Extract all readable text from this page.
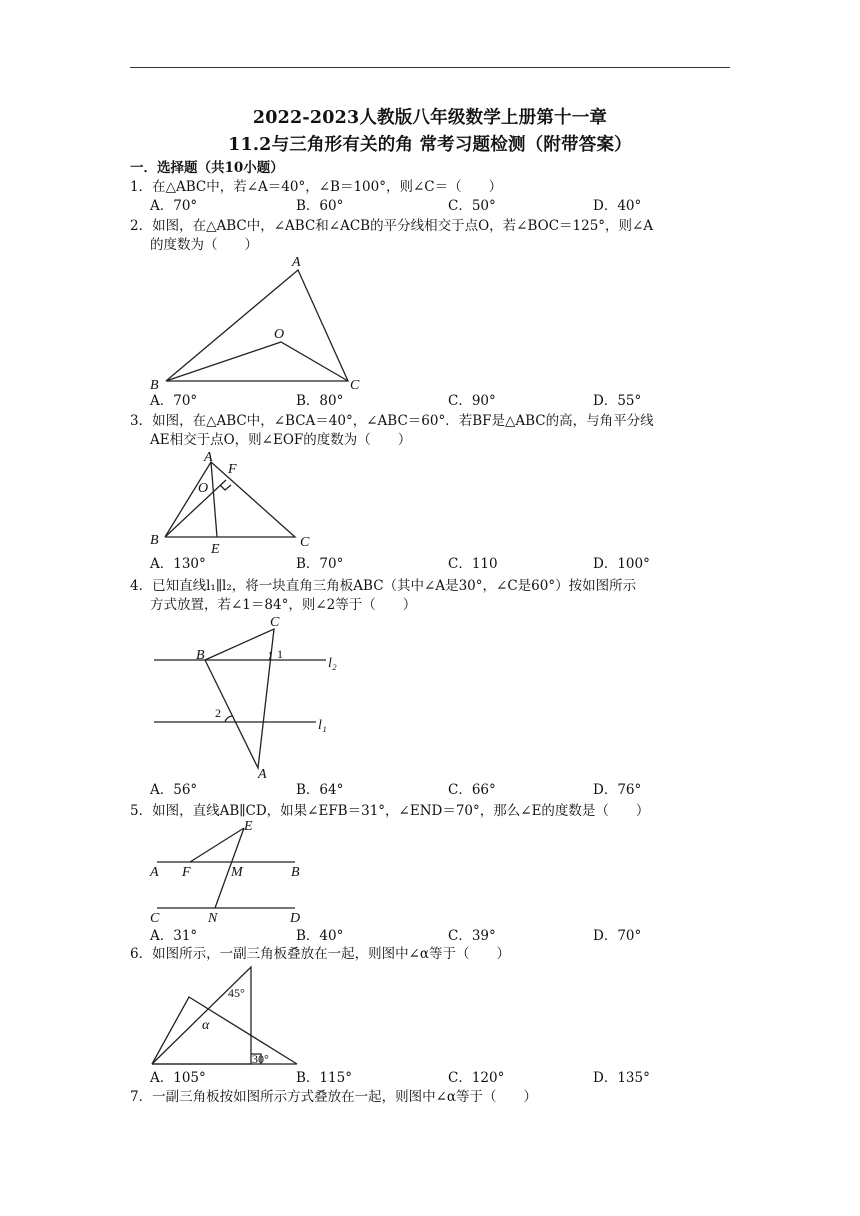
2022-2023人教版八年级数学上册第十一章
11.2与三角形有关的角 常考习题检测（附带答案）
一．选择题（共10小题）
1．在△ABC中，若∠A＝40°，∠B＝100°，则∠C＝（　　）
A．70°	B．60°	C．50°	D．40°
2．如图，在△ABC中，∠ABC和∠ACB的平分线相交于点O，若∠BOC＝125°，则∠A
的度数为（　　）
A
O
B	C
A．70°	B．80°	C．90°	D．55°
3．如图，在△ABC中，∠BCA＝40°，∠ABC＝60°．若BF是△ABC的高，与角平分线
AE相交于点O，则∠EOF的度数为（　　）
A
F
O
B
E	C
A．130°	B．70°	C．110	D．100°
4．已知直线l₁∥l₂，将一块直角三角板ABC（其中∠A是30°，∠C是60°）按如图所示
方式放置，若∠1＝84°，则∠2等于（　　）
C
B	1
l₂
2
l₁
A
A．56°	B．64°	C．66°	D．76°
5．如图，直线AB∥CD，如果∠EFB＝31°，∠END＝70°，那么∠E的度数是（　　）
E
A F	M	B
C	N	D
A．31°	B．40°	C．39°	D．70°
6．如图所示，一副三角板叠放在一起，则图中∠α等于（　　）
45°
α
30°
A．105°	B．115°	C．120°	D．135°
7．一副三角板按如图所示方式叠放在一起，则图中∠α等于（　　）
